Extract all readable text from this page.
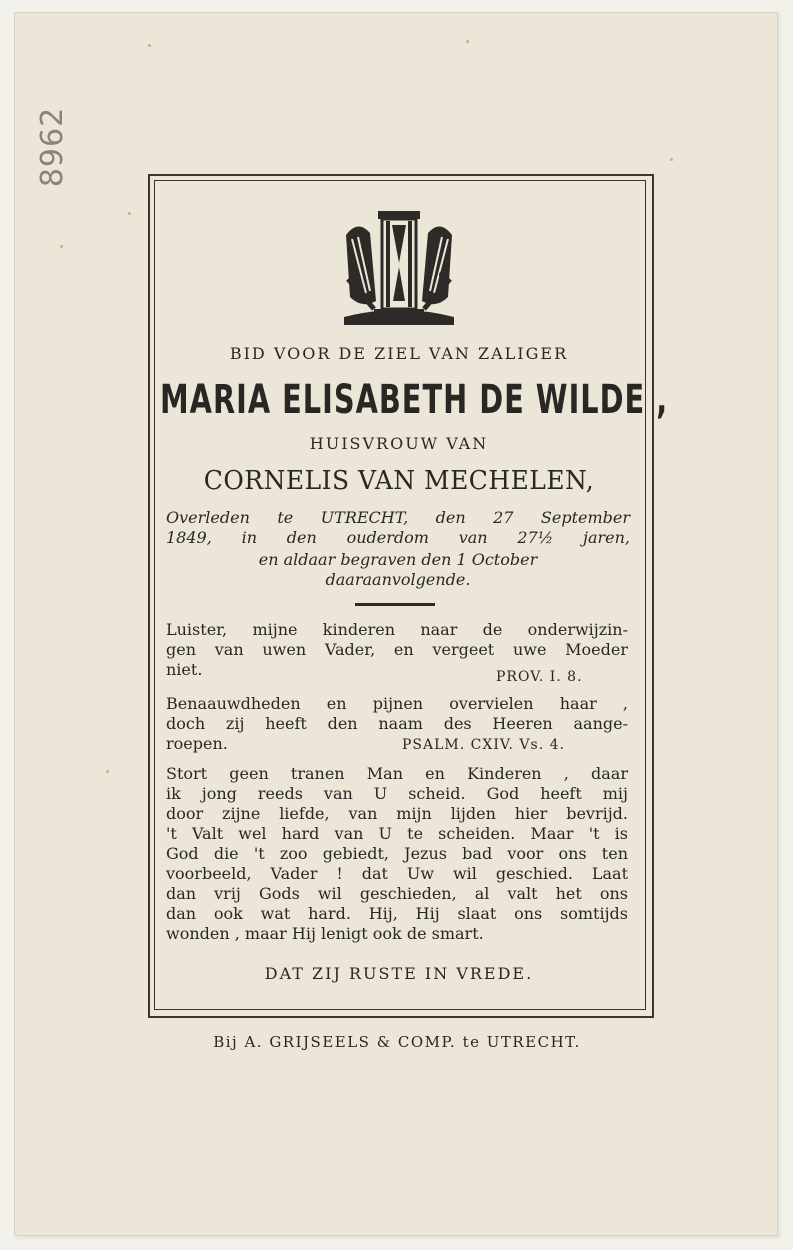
8962
BID VOOR DE ZIEL VAN ZALIGER
MARIA ELISABETH DE WILDE ,
HUISVROUW VAN
CORNELIS VAN MECHELEN,
Overleden te UTRECHT, den 27 September
1849, in den ouderdom van 27½ jaren,
en aldaar begraven den 1 October
daaraanvolgende.
Luister, mijne kinderen naar de onderwijzin-
gen van uwen Vader, en vergeet uwe Moeder
niet.	PROV. I. 8.
Benaauwdheden en pijnen overvielen haar ,
doch zij heeft den naam des Heeren aange-
roepen.	PSALM. CXIV. Vs. 4.
Stort geen tranen Man en Kinderen , daar
ik jong reeds van U scheid. God heeft mij
door zijne liefde, van mijn lijden hier bevrijd.
't Valt wel hard van U te scheiden. Maar 't is
God die 't zoo gebiedt, Jezus bad voor ons ten
voorbeeld, Vader ! dat Uw wil geschied. Laat
dan vrij Gods wil geschieden, al valt het ons
dan ook wat hard. Hij, Hij slaat ons somtijds
wonden , maar Hij lenigt ook de smart.
DAT ZIJ RUSTE IN VREDE.
Bij A. GRIJSEELS & COMP. te UTRECHT.
